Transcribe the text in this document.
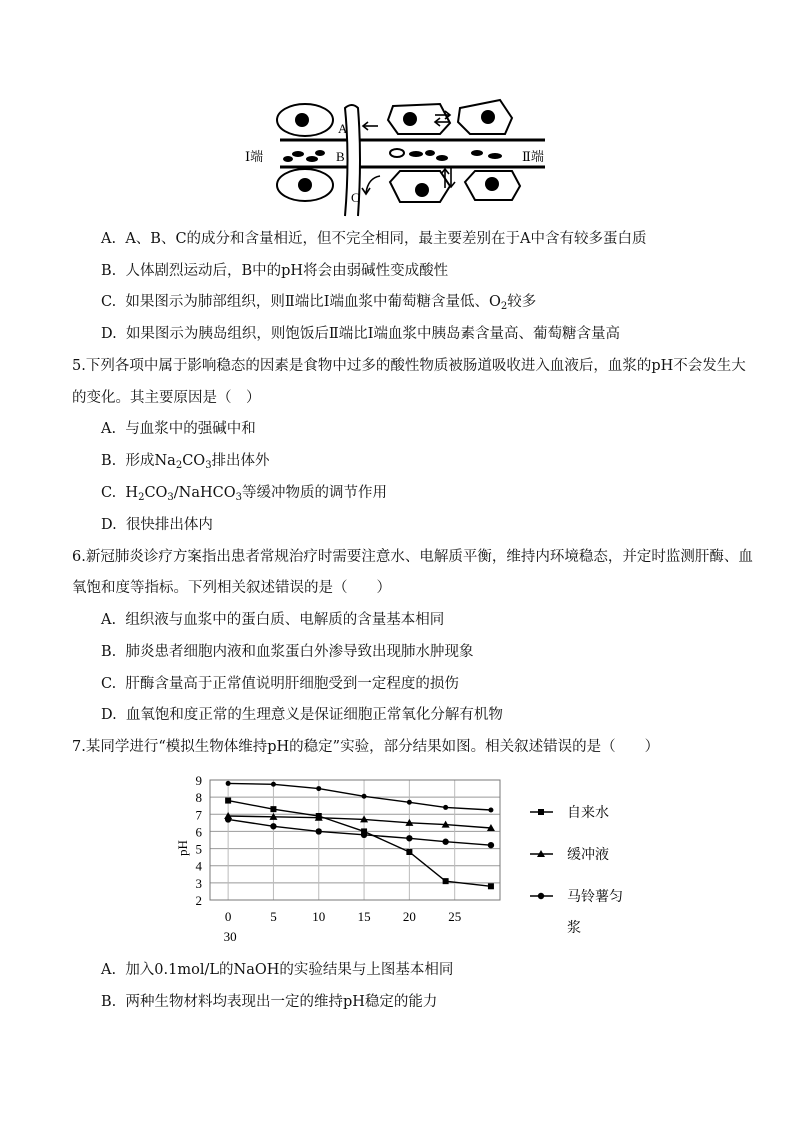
A
B
C
Ⅰ端	Ⅱ端
A. A、B、C的成分和含量相近，但不完全相同，最主要差别在于A中含有较多蛋白质
B. 人体剧烈运动后，B中的pH将会由弱碱性变成酸性
C. 如果图示为肺部组织，则Ⅱ端比Ⅰ端血浆中葡萄糖含量低、$O_2$较多
D. 如果图示为胰岛组织，则饱饭后Ⅱ端比Ⅰ端血浆中胰岛素含量高、葡萄糖含量高
5.下列各项中属于影响稳态的因素是食物中过多的酸性物质被肠道吸收进入血液后，血浆的pH不会发生大
的变化。其主要原因是（　）
A. 与血浆中的强碱中和
B. 形成$Na_2CO_3$排出体外
C. $H_2CO_3/NaHCO_3$等缓冲物质的调节作用
D. 很快排出体内
6.新冠肺炎诊疗方案指出患者常规治疗时需要注意水、电解质平衡，维持内环境稳态，并定时监测肝酶、血
氧饱和度等指标。下列相关叙述错误的是（　　）
A. 组织液与血浆中的蛋白质、电解质的含量基本相同
B. 肺炎患者细胞内液和血浆蛋白外渗导致出现肺水肿现象
C. 肝酶含量高于正常值说明肝细胞受到一定程度的损伤
D. 血氧饱和度正常的生理意义是保证细胞正常氧化分解有机物
7.某同学进行“模拟生物体维持pH的稳定”实验，部分结果如图。相关叙述错误的是（　　）
2
3
4
5
6
7
8
9
0	5	10 15 20 25
30
pH
自来水
缓冲液
马铃薯匀
浆
A. 加入0.1mol/L的NaOH的实验结果与上图基本相同
B. 两种生物材料均表现出一定的维持pH稳定的能力
